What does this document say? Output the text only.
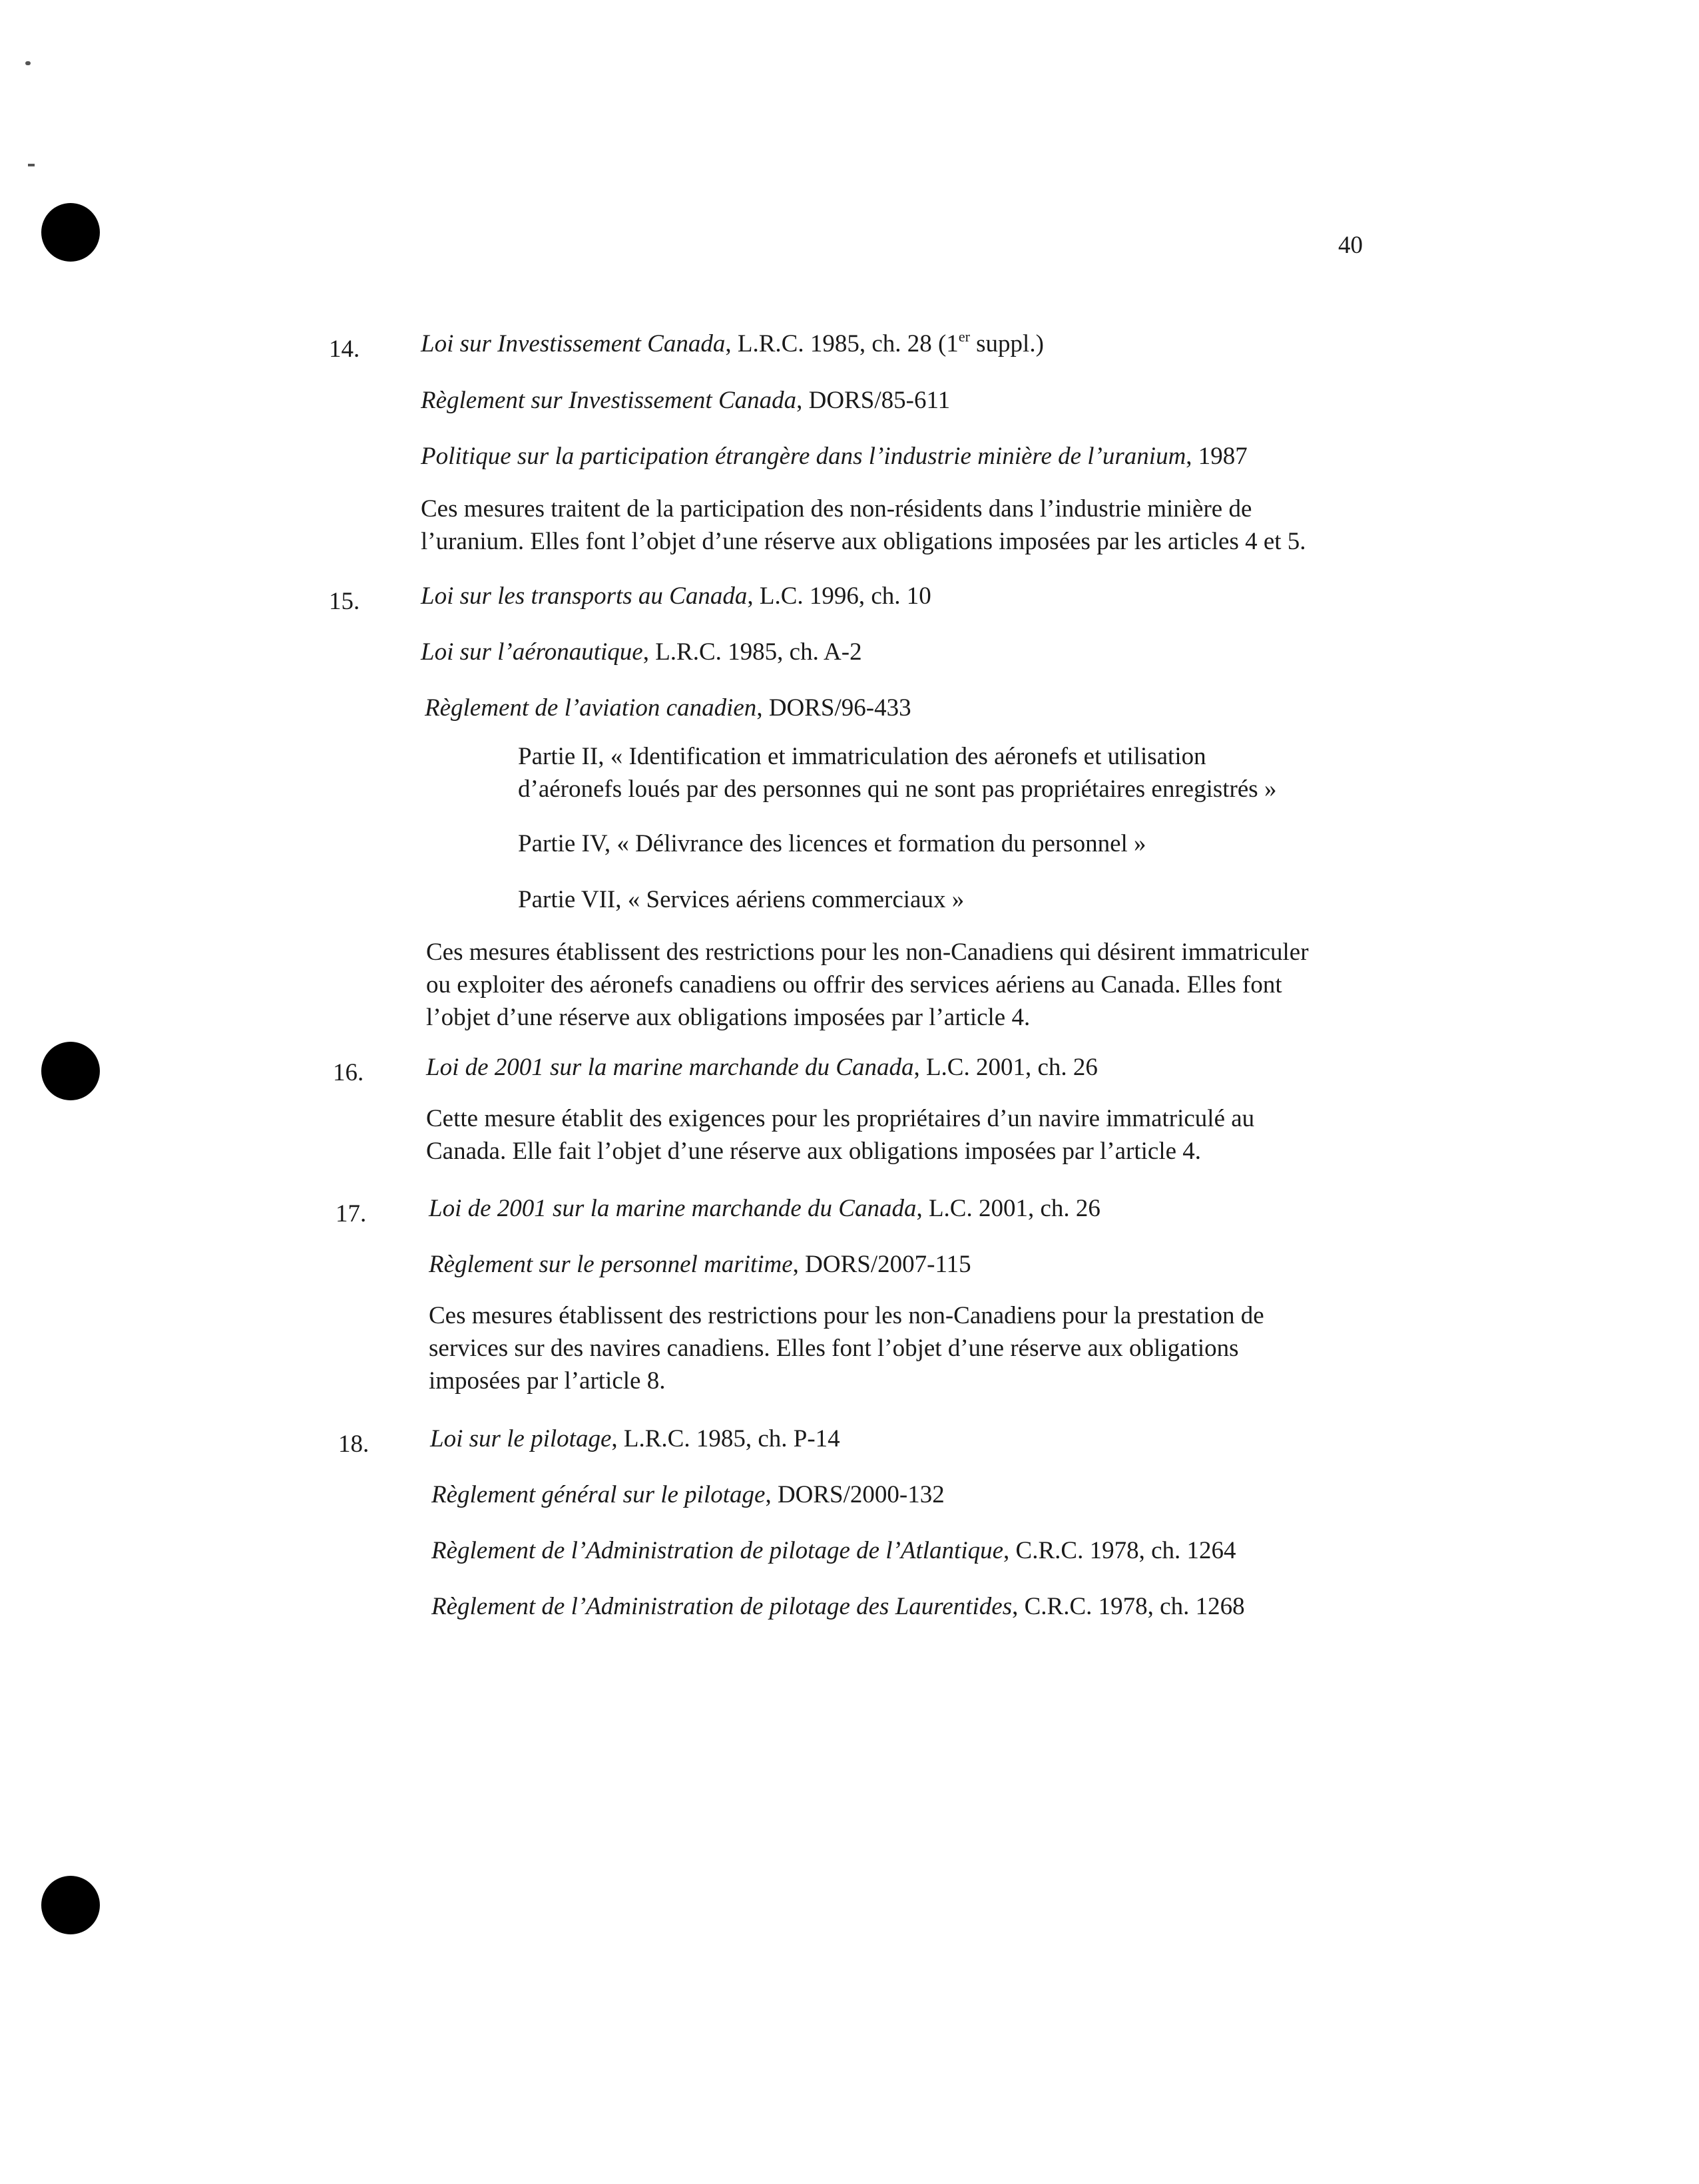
40
14. Loi sur Investissement Canada, L.R.C. 1985, ch. 28 (1er suppl.)
Règlement sur Investissement Canada, DORS/85-611
Politique sur la participation étrangère dans l’industrie minière de l’uranium, 1987
Ces mesures traitent de la participation des non-résidents dans l’industrie minière de
l’uranium. Elles font l’objet d’une réserve aux obligations imposées par les articles 4 et 5.
15. Loi sur les transports au Canada, L.C. 1996, ch. 10
Loi sur l’aéronautique, L.R.C. 1985, ch. A-2
Règlement de l’aviation canadien, DORS/96-433
Partie II, « Identification et immatriculation des aéronefs et utilisation
d’aéronefs loués par des personnes qui ne sont pas propriétaires enregistrés »
Partie IV, « Délivrance des licences et formation du personnel »
Partie VII, « Services aériens commerciaux »
Ces mesures établissent des restrictions pour les non-Canadiens qui désirent immatriculer
ou exploiter des aéronefs canadiens ou offrir des services aériens au Canada. Elles font
l’objet d’une réserve aux obligations imposées par l’article 4.
16.	Loi de 2001 sur la marine marchande du Canada, L.C. 2001, ch. 26
Cette mesure établit des exigences pour les propriétaires d’un navire immatriculé au
Canada. Elle fait l’objet d’une réserve aux obligations imposées par l’article 4.
17.	Loi de 2001 sur la marine marchande du Canada, L.C. 2001, ch. 26
Règlement sur le personnel maritime, DORS/2007-115
Ces mesures établissent des restrictions pour les non-Canadiens pour la prestation de
services sur des navires canadiens. Elles font l’objet d’une réserve aux obligations
imposées par l’article 8.
18. Loi sur le pilotage, L.R.C. 1985, ch. P-14
Règlement général sur le pilotage, DORS/2000-132
Règlement de l’Administration de pilotage de l’Atlantique, C.R.C. 1978, ch. 1264
Règlement de l’Administration de pilotage des Laurentides, C.R.C. 1978, ch. 1268
